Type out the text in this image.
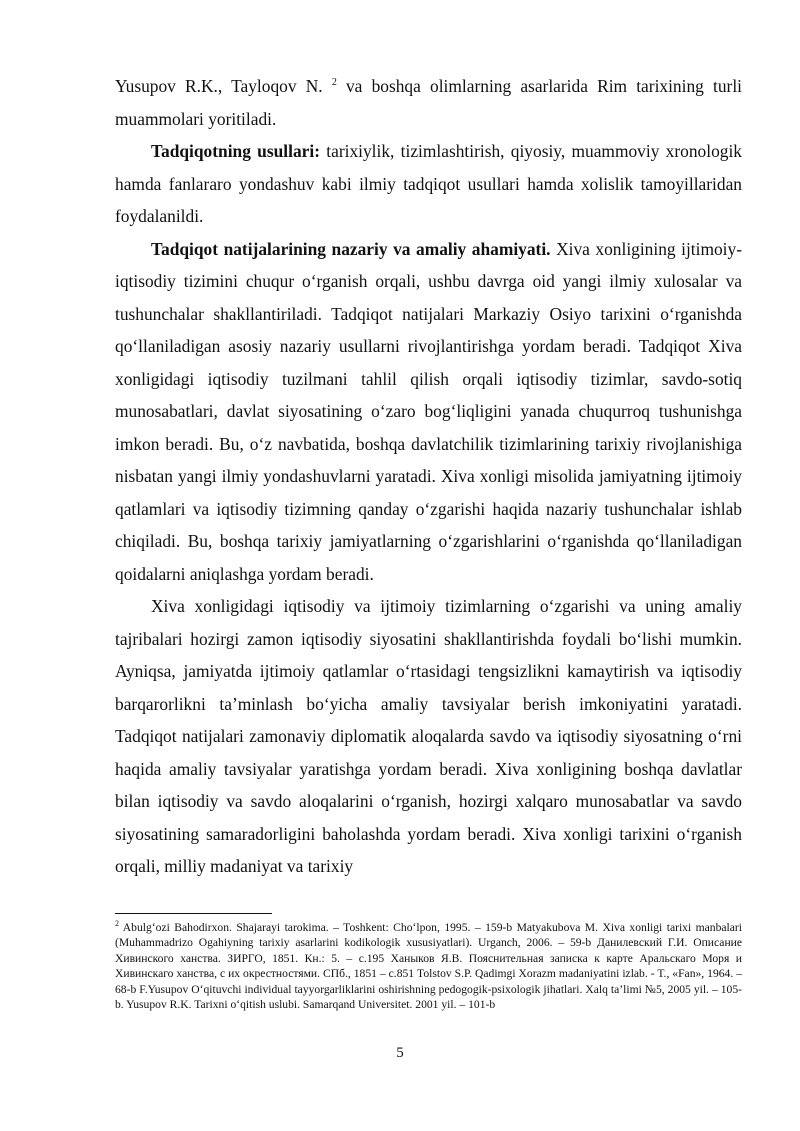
Yusupov R.K., Tayloqov N. $^2$ va boshqa olimlarning asarlarida Rim tarixining turli muammolari yoritiladi.

Tadqiqotning usullari: tarixiylik, tizimlashtirish, qiyosiy, muammoviy xronologik hamda fanlararo yondashuv kabi ilmiy tadqiqot usullari hamda xolislik tamoyillaridan foydalanildi.

Tadqiqot natijalarining nazariy va amaliy ahamiyati. Xiva xonligining ijtimoiy-iqtisodiy tizimini chuqur o‘rganish orqali, ushbu davrga oid yangi ilmiy xulosalar va tushunchalar shakllantiriladi. Tadqiqot natijalari Markaziy Osiyo tarixini o‘rganishda qo‘llaniladigan asosiy nazariy usullarni rivojlantirishga yordam beradi. Tadqiqot Xiva xonligidagi iqtisodiy tuzilmani tahlil qilish orqali iqtisodiy tizimlar, savdo-sotiq munosabatlari, davlat siyosatining o‘zaro bog‘liqligini yanada chuqurroq tushunishga imkon beradi. Bu, o‘z navbatida, boshqa davlatchilik tizimlarining tarixiy rivojlanishiga nisbatan yangi ilmiy yondashuvlarni yaratadi. Xiva xonligi misolida jamiyatning ijtimoiy qatlamlari va iqtisodiy tizimning qanday o‘zgarishi haqida nazariy tushunchalar ishlab chiqiladi. Bu, boshqa tarixiy jamiyatlarning o‘zgarishlarini o‘rganishda qo‘llaniladigan qoidalarni aniqlashga yordam beradi.

Xiva xonligidagi iqtisodiy va ijtimoiy tizimlarning o‘zgarishi va uning amaliy tajribalari hozirgi zamon iqtisodiy siyosatini shakllantirishda foydali bo‘lishi mumkin. Ayniqsa, jamiyatda ijtimoiy qatlamlar o‘rtasidagi tengsizlikni kamaytirish va iqtisodiy barqarorlikni ta’minlash bo‘yicha amaliy tavsiyalar berish imkoniyatini yaratadi. Tadqiqot natijalari zamonaviy diplomatik aloqalarda savdo va iqtisodiy siyosatning o‘rni haqida amaliy tavsiyalar yaratishga yordam beradi. Xiva xonligining boshqa davlatlar bilan iqtisodiy va savdo aloqalarini o‘rganish, hozirgi xalqaro munosabatlar va savdo siyosatining samaradorligini baholashda yordam beradi. Xiva xonligi tarixini o‘rganish orqali, milliy madaniyat va tarixiy

$^2$ Abulg‘ozi Bahodirxon. Shajarayi tarokima. – Toshkent: Cho‘lpon, 1995. – 159-b Matyakubova M. Xiva xonligi tarixi manbalari (Muhammadrizo Ogahiyning tarixiy asarlarini kodikologik xususiyatlari). Urganch, 2006. – 59-b Данилевский Г.И. Описание Хивинского ханства. ЗИРГО, 1851. Кн.: 5. – с.195 Ханыков Я.В. Пояснительная записка к карте Аральскаго Моря и Хивинскаго ханства, с их окрестностями. СПб., 1851 – с.851 Tolstov S.P. Qadimgi Xorazm madaniyatini izlab. - T., «Fan», 1964. – 68-b F.Yusupov O‘qituvchi individual tayyorgarliklarini oshirishning pedogogik-psixologik jihatlari. Xalq ta’limi №5, 2005 yil. – 105-b. Yusupov R.K. Tarixni o‘qitish uslubi. Samarqand Universitet. 2001 yil. – 101-b
5
